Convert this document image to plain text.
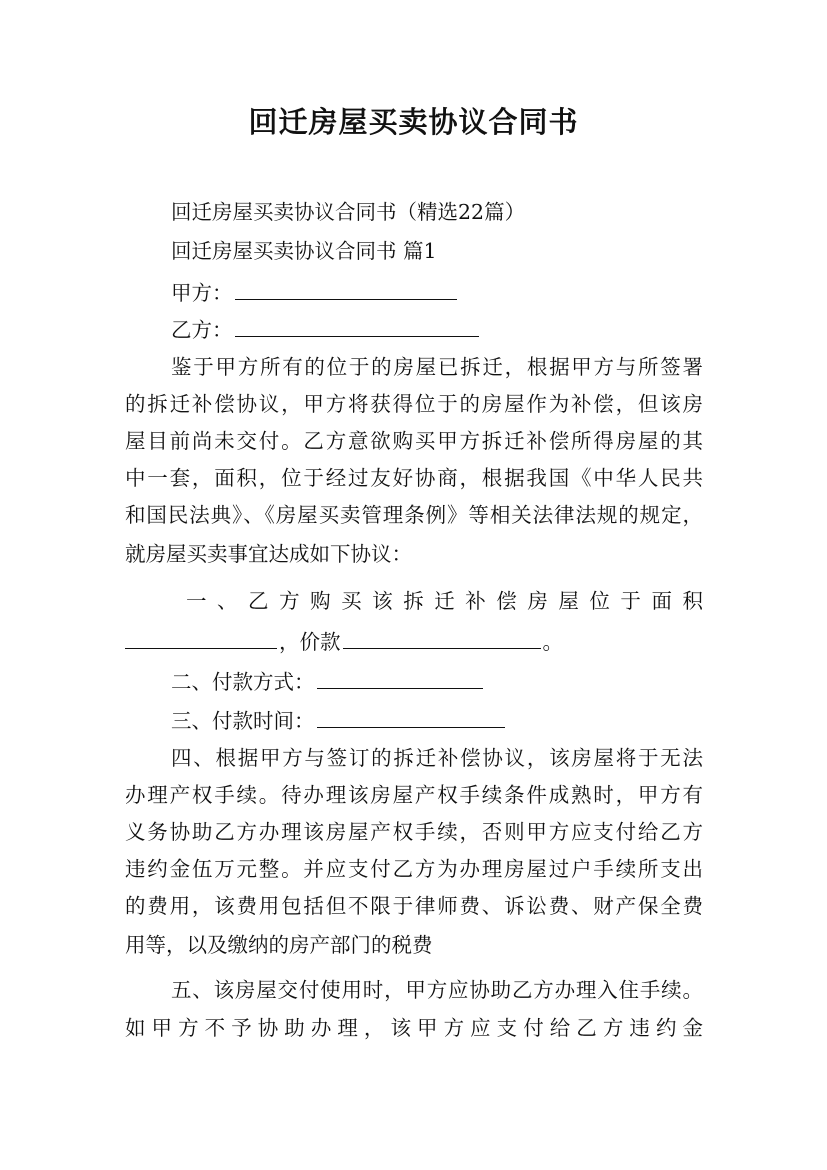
回迁房屋买卖协议合同书
回迁房屋买卖协议合同书（精选22篇）
回迁房屋买卖协议合同书 篇1
甲方：
乙方：
鉴于甲方所有的位于的房屋已拆迁，根据甲方与所签署
的拆迁补偿协议，甲方将获得位于的房屋作为补偿，但该房
屋目前尚未交付。乙方意欲购买甲方拆迁补偿所得房屋的其
中一套，面积，位于经过友好协商，根据我国《中华人民共
和国民法典》、《房屋买卖管理条例》等相关法律法规的规定，
就房屋买卖事宜达成如下协议：
一、乙方购买该拆迁补偿房屋位于面积
，价款	。
二、付款方式：
三、付款时间：
四、根据甲方与签订的拆迁补偿协议，该房屋将于无法
办理产权手续。待办理该房屋产权手续条件成熟时，甲方有
义务协助乙方办理该房屋产权手续，否则甲方应支付给乙方
违约金伍万元整。并应支付乙方为办理房屋过户手续所支出
的费用，该费用包括但不限于律师费、诉讼费、财产保全费
用等，以及缴纳的房产部门的税费
五、该房屋交付使用时，甲方应协助乙方办理入住手续。
如甲方不予协助办理，该甲方应支付给乙方违约金
